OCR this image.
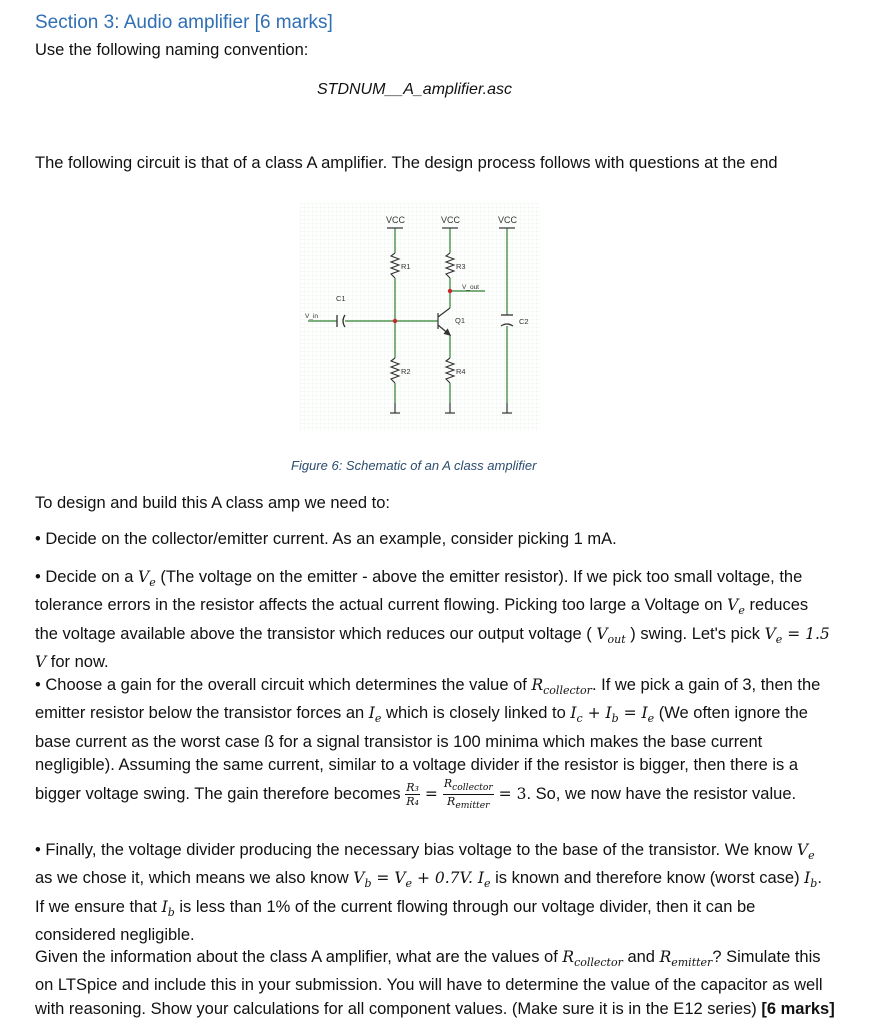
Section 3: Audio amplifier [6 marks]
Use the following naming convention:
STDNUM__A_amplifier.asc
The following circuit is that of a class A amplifier. The design process follows with questions at the end
VCC	VCC	VCC
R1	R3
R2	R4
V_out
C1
C2
Q1
V_in
Figure 6: Schematic of an A class amplifier
To design and build this A class amp we need to:
• Decide on the collector/emitter current. As an example, consider picking 1 mA.
• Decide on a $V_e$ (The voltage on the emitter - above the emitter resistor). If we pick too small voltage, the tolerance errors in the resistor affects the actual current flowing. Picking too large a Voltage on $V_e$ reduces the voltage available above the transistor which reduces our output voltage ( $V_{out}$ ) swing. Let's pick $V_e = 1.5$ V for now.
• Choose a gain for the overall circuit which determines the value of $R_{collector}$. If we pick a gain of 3, then the emitter resistor below the transistor forces an $I_e$ which is closely linked to $I_c + I_b = I_e$ (We often ignore the base current as the worst case ß for a signal transistor is 100 minima which makes the base current negligible). Assuming the same current, similar to a voltage divider if the resistor is bigger, then there is a bigger voltage swing. The gain therefore becomes $\frac{\text{R₃}}{\text{R₄}} = \frac{R_{collector}}{R_{emitter}} = 3$. So, we now have the resistor value.
• Finally, the voltage divider producing the necessary bias voltage to the base of the transistor. We know $V_e$ as we chose it, which means we also know $V_b = V_e + 0.7V$. $I_e$ is known and therefore know (worst case) $I_b$. If we ensure that $I_b$ is less than 1% of the current flowing through our voltage divider, then it can be considered negligible.
Given the information about the class A amplifier, what are the values of $R_{collector}$ and $R_{emitter}$? Simulate this on LTSpice and include this in your submission. You will have to determine the value of the capacitor as well with reasoning. Show your calculations for all component values. (Make sure it is in the E12 series) [6 marks]
